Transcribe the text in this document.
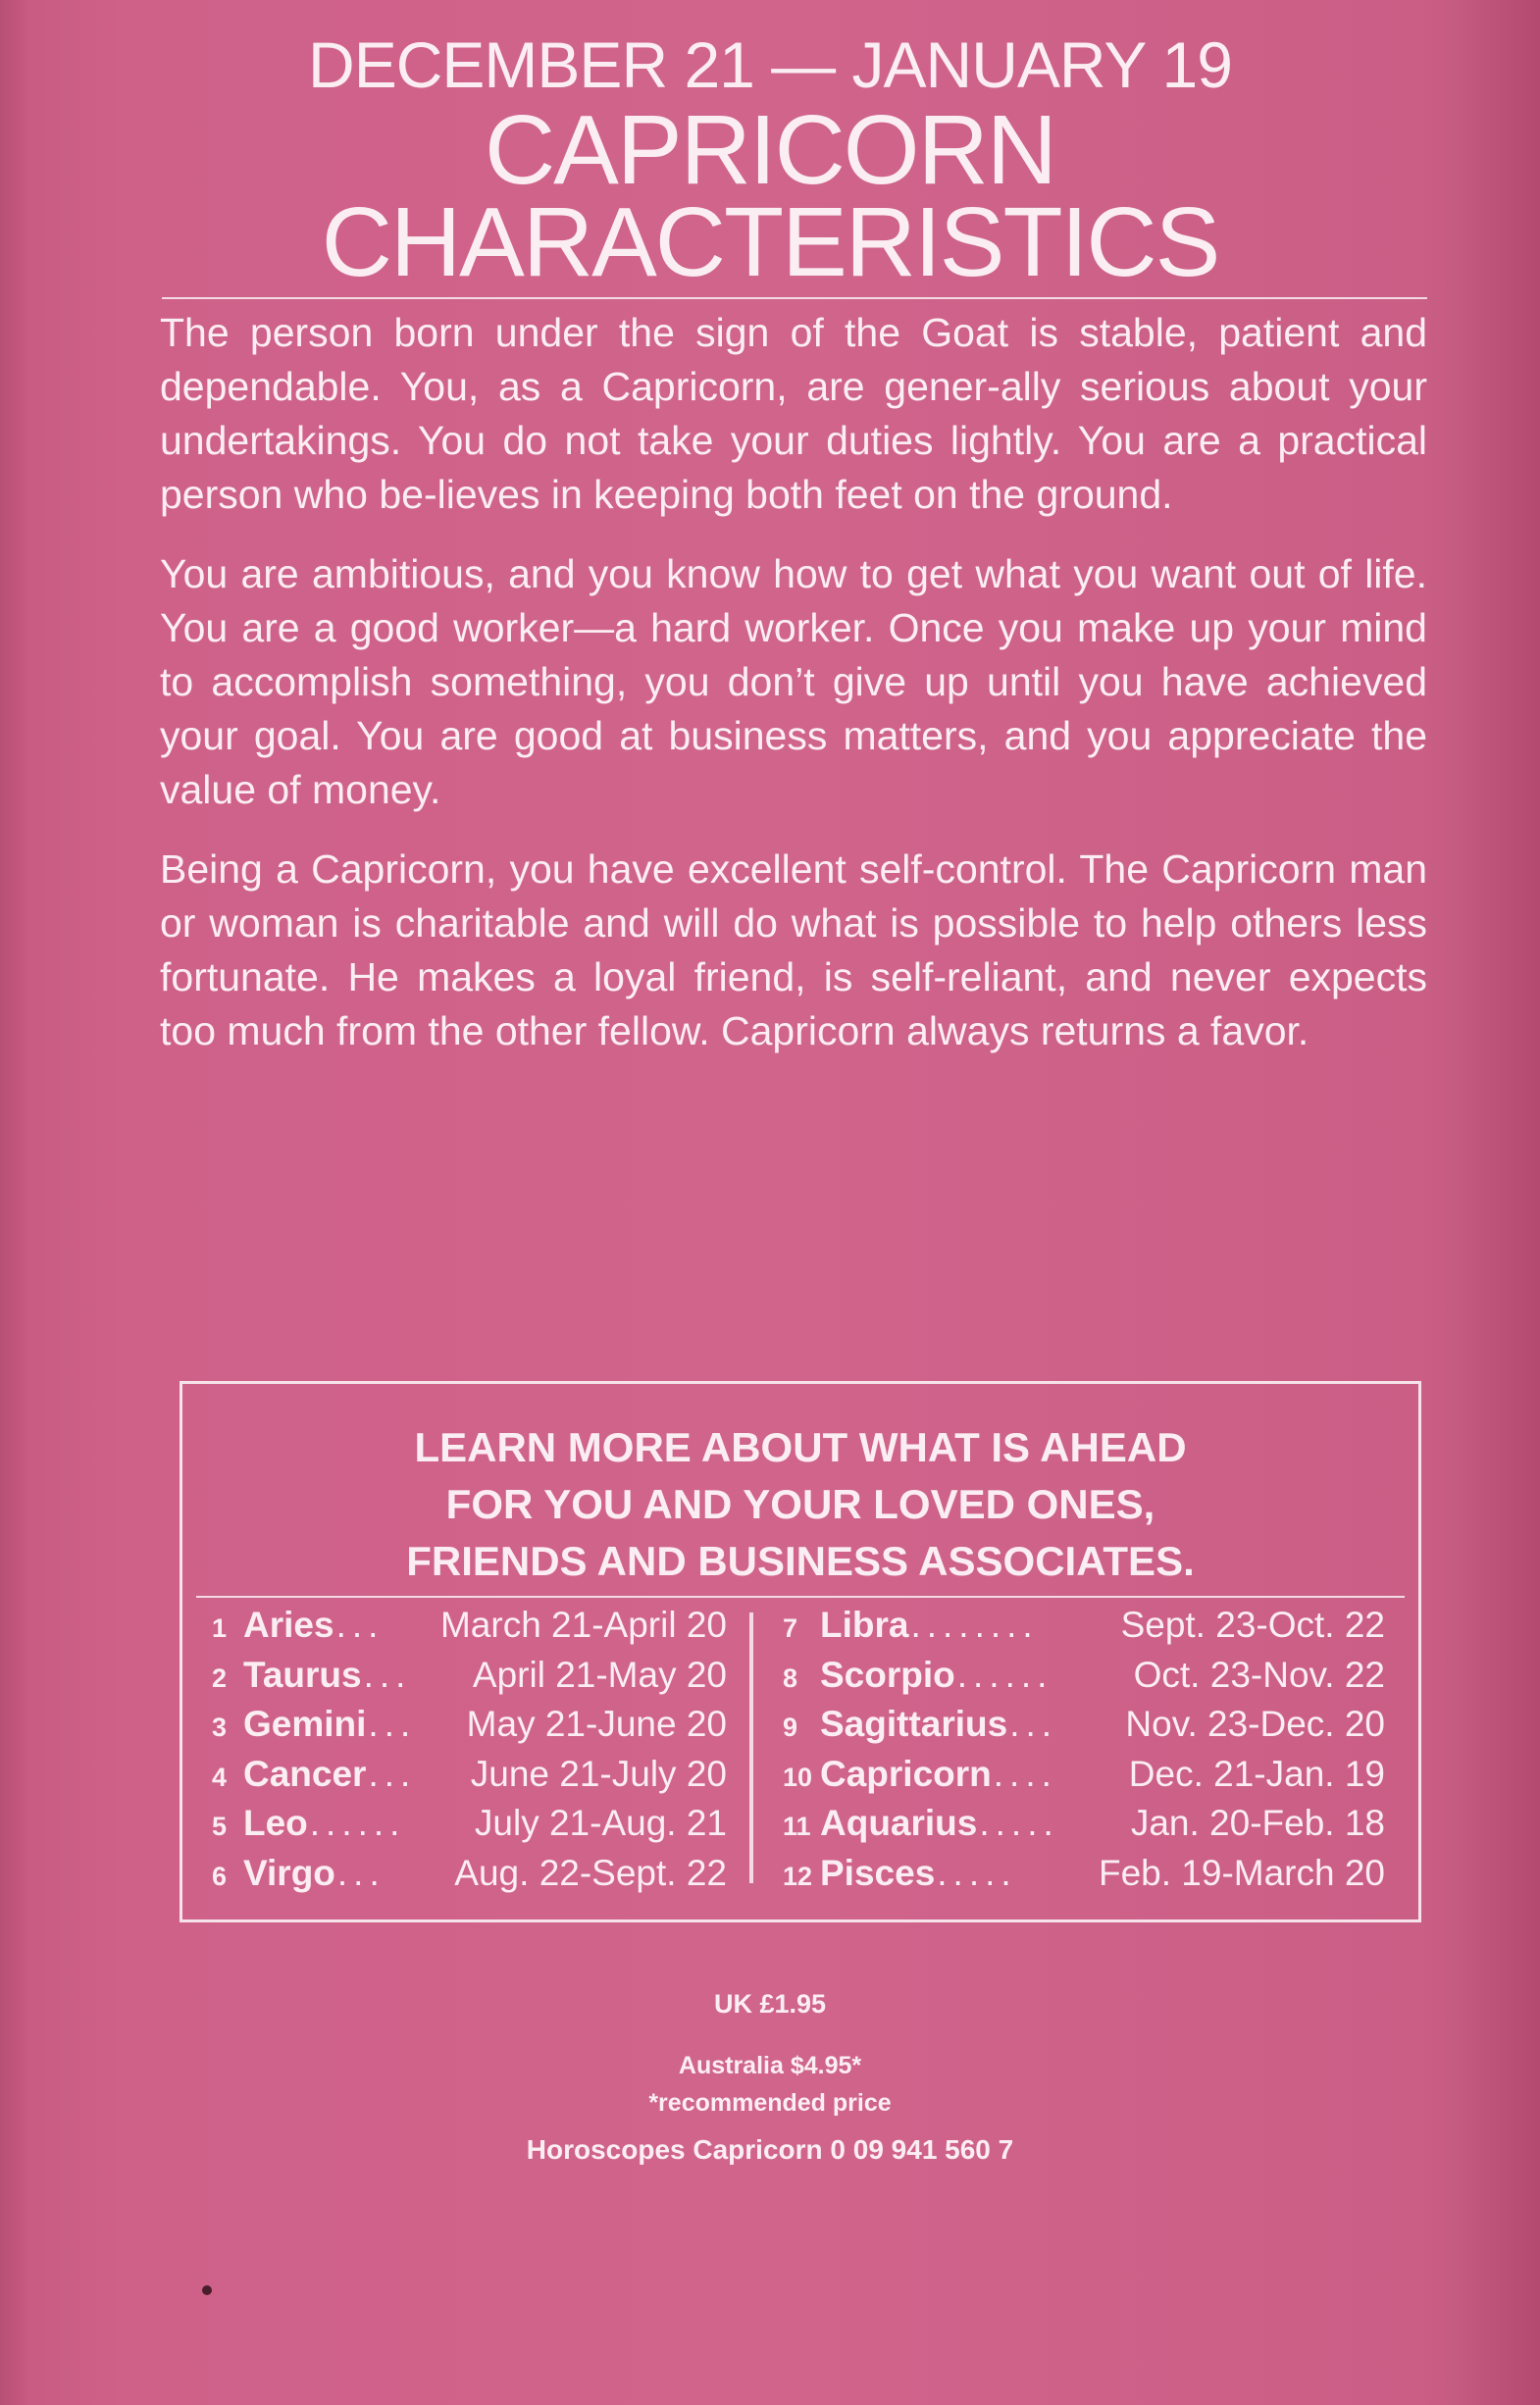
DECEMBER 21 — JANUARY 19
CAPRICORN
CHARACTERISTICS

The person born under the sign of the Goat is stable, patient and dependable. You, as a Capricorn, are gener-ally serious about your undertakings. You do not take your duties lightly. You are a practical person who be-lieves in keeping both feet on the ground.

You are ambitious, and you know how to get what you want out of life. You are a good worker—a hard worker. Once you make up your mind to accomplish something, you don’t give up until you have achieved your goal. You are good at business matters, and you appreciate the value of money.

Being a Capricorn, you have excellent self-control. The Capricorn man or woman is charitable and will do what is possible to help others less fortunate. He makes a loyal friend, is self-reliant, and never expects too much from the other fellow. Capricorn always returns a favor.

LEARN MORE ABOUT WHAT IS AHEAD
FOR YOU AND YOUR LOVED ONES,
FRIENDS AND BUSINESS ASSOCIATES.
1 Aries ...	March 21-April 20
2 Taurus ...	April 21-May 20
3 Gemini ...	May 21-June 20
4 Cancer ...	June 21-July 20
5 Leo ......	July 21-Aug. 21
6 Virgo ...	Aug. 22-Sept. 22
7 Libra ........	Sept. 23-Oct. 22
8 Scorpio ......	Oct. 23-Nov. 22
9 Sagittarius ...	Nov. 23-Dec. 20
10 Capricorn ....	Dec. 21-Jan. 19
11 Aquarius .....	Jan. 20-Feb. 18
12 Pisces .....	Feb. 19-March 20
UK £1.95
Australia $4.95*
*recommended price
Horoscopes Capricorn 0 09 941 560 7
